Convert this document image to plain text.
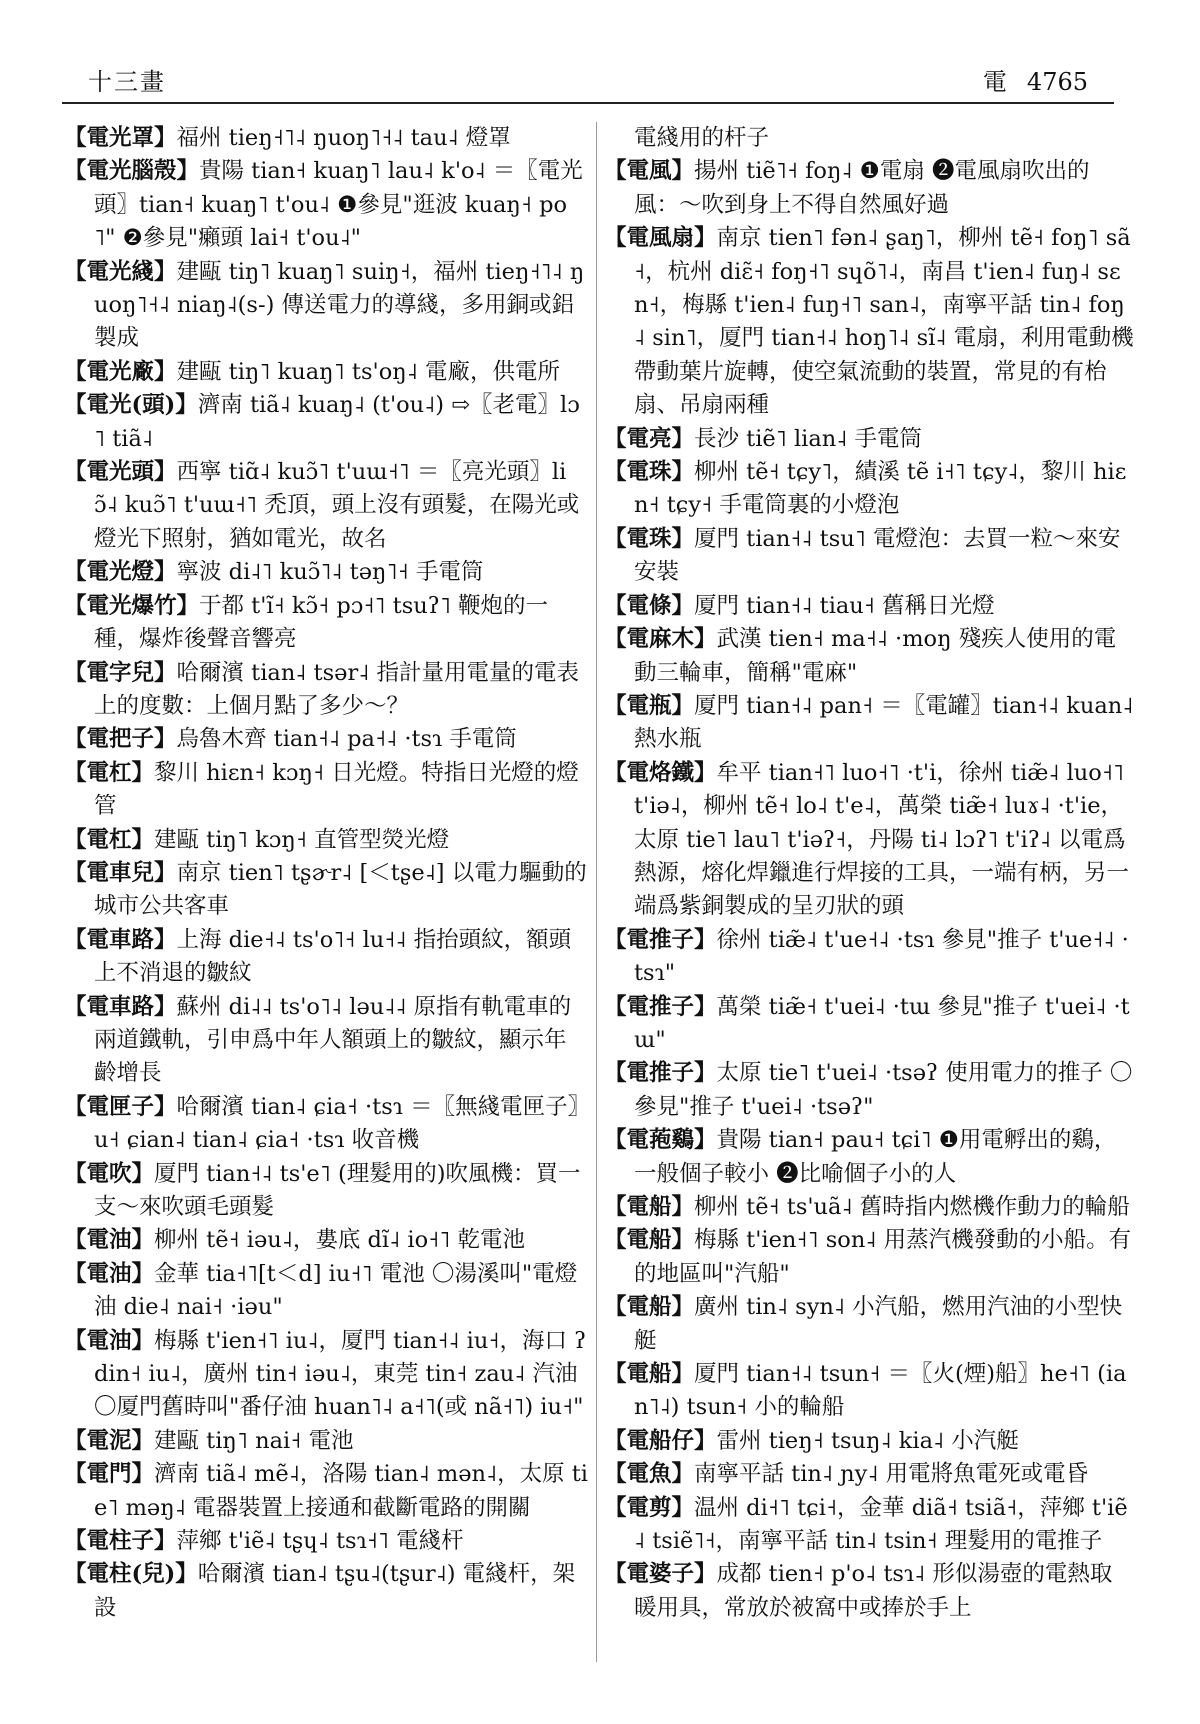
十三畫	電 4765

【電光罩】福州 tieŋ˧˥˨ ŋuoŋ˥˧˨ tau˨ 燈罩

【電光腦殼】貴陽 tian˧ kuaŋ˥ lau˨ k'o˨ ＝〖電光頭〗tian˧ kuaŋ˥ t'ou˨ ❶參見"逛波 kuaŋ˧ po˥" ❷參見"癩頭 lai˧ t'ou˨"

【電光綫】建甌 tiŋ˥ kuaŋ˥ suiŋ˧，福州 tieŋ˧˥˨ ŋuoŋ˥˧˨ niaŋ˨(s-) 傳送電力的導綫，多用銅或鋁製成

【電光廠】建甌 tiŋ˥ kuaŋ˥ ts'oŋ˨ 電廠，供電所

【電光(頭)】濟南 tiã˨ kuaŋ˨ (t'ou˨) ⇨〖老電〗lɔ˥ tiã˨

【電光頭】西寧 tiɑ̃˨ kuɔ̃˥ t'uɯ˧˥ ＝〖亮光頭〗liɔ̃˨ kuɔ̃˥ t'uɯ˧˥ 禿頂，頭上沒有頭髮，在陽光或燈光下照射，猶如電光，故名

【電光燈】寧波 di˨˥ kuɔ̃˥˨ təŋ˥˧ 手電筒

【電光爆竹】于都 t'ĩ˧ kɔ̃˧ pɔ˧˥ tsuʔ˥ 鞭炮的一種，爆炸後聲音響亮

【電字兒】哈爾濱 tian˨ tsər˨ 指計量用電量的電表上的度數：上個月點了多少～？

【電把子】烏魯木齊 tian˧˨ pa˧˨ ·tsɿ 手電筒

【電杠】黎川 hiɛn˧ kɔŋ˧ 日光燈。特指日光燈的燈管

【電杠】建甌 tiŋ˥ kɔŋ˧ 直管型熒光燈

【電車兒】南京 tien˥ tʂɚr˨ [＜tʂe˨] 以電力驅動的城市公共客車

【電車路】上海 die˧˨ ts'o˥˧ lu˧˨ 指抬頭紋，額頭上不消退的皺紋

【電車路】蘇州 di˨˨ ts'o˥˨ ləu˨˨ 原指有軌電車的兩道鐵軌，引申爲中年人額頭上的皺紋，顯示年齡增長

【電匣子】哈爾濱 tian˨ ɕia˧ ·tsɿ ＝〖無綫電匣子〗u˧ ɕian˨ tian˨ ɕia˧ ·tsɿ 收音機

【電吹】厦門 tian˧˨ ts'e˥ (理髮用的)吹風機：買一支～來吹頭毛頭髮

【電油】柳州 tẽ˧ iəu˨，婁底 dĩ˨ io˧˥ 乾電池

【電油】金華 tia˧˥[t＜d] iu˧˥ 電池 〇湯溪叫"電燈油 die˨ nai˧ ·iəu"

【電油】梅縣 t'ien˧˥ iu˨，厦門 tian˧˨ iu˧，海口 ʔdin˧ iu˨，廣州 tin˧ iəu˨，東莞 tin˧ zau˨ 汽油 〇厦門舊時叫"番仔油 huan˥˨ a˧˥(或 nã˧˥) iu˧"

【電泥】建甌 tiŋ˥ nai˧ 電池

【電門】濟南 tiã˨ mẽ˨，洛陽 tian˨ mən˨，太原 tie˥ məŋ˨ 電器裝置上接通和截斷電路的開關

【電柱子】萍鄉 t'iẽ˨ tʂɥ˨ tsɿ˧˥ 電綫杆

【電柱(兒)】哈爾濱 tian˨ tʂu˨(tʂur˨) 電綫杆，架設

電綫用的杆子

【電風】揚州 tiẽ˥˧ foŋ˨ ❶電扇 ❷電風扇吹出的風：～吹到身上不得自然風好過

【電風扇】南京 tien˥ fən˨ ʂaŋ˥，柳州 tẽ˧ foŋ˥ sã˧，杭州 diɛ̃˧ foŋ˧˥ sɥõ˥˨，南昌 t'ien˨ fuŋ˨ sɛn˧，梅縣 t'ien˨ fuŋ˧˥ san˨，南寧平話 tin˨ foŋ˨ sin˥，厦門 tian˧˨ hoŋ˥˨ sĩ˨ 電扇，利用電動機帶動葉片旋轉，使空氣流動的裝置，常見的有枱扇、吊扇兩種

【電亮】長沙 tiẽ˥ lian˨ 手電筒

【電珠】柳州 tẽ˧ tɕy˥，績溪 tẽ i˧˥ tɕy˨，黎川 hiɛn˧ tɕy˧ 手電筒裏的小燈泡

【電珠】厦門 tian˧˨ tsu˥ 電燈泡：去買一粒～來安安裝

【電條】厦門 tian˧˨ tiau˧ 舊稱日光燈

【電麻木】武漢 tien˧ ma˧˨ ·moŋ 殘疾人使用的電動三輪車，簡稱"電麻"

【電瓶】厦門 tian˧˨ pan˧ ＝〖電罐〗tian˧˨ kuan˨ 熱水瓶

【電烙鐵】牟平 tian˧˥ luo˧˥ ·t'i，徐州 tiæ̃˨ luo˧˥ t'iə˨，柳州 tẽ˧ lo˨ t'e˨，萬榮 tiæ̃˧ luɤ˨ ·t'ie，太原 tie˥ lau˥ t'iəʔ˧，丹陽 ti˨ lɔʔ˥ t'iʔ˨ 以電爲熱源，熔化焊鑞進行焊接的工具，一端有柄，另一端爲紫銅製成的呈刃狀的頭

【電推子】徐州 tiæ̃˨ t'ue˧˨ ·tsɿ 參見"推子 t'ue˧˨ ·tsɿ"

【電推子】萬榮 tiæ̃˧ t'uei˨ ·tɯ 參見"推子 t'uei˨ ·tɯ"

【電推子】太原 tie˥ t'uei˨ ·tsəʔ 使用電力的推子 〇參見"推子 t'uei˨ ·tsəʔ"

【電菢鷄】貴陽 tian˧ pau˧ tɕi˥ ❶用電孵出的鷄，一般個子較小 ❷比喻個子小的人

【電船】柳州 tẽ˧ ts'uã˨ 舊時指内燃機作動力的輪船

【電船】梅縣 t'ien˧˥ son˨ 用蒸汽機發動的小船。有的地區叫"汽船"

【電船】廣州 tin˨ syn˨ 小汽船，燃用汽油的小型快艇

【電船】厦門 tian˧˨ tsun˧ ＝〖火(煙)船〗he˧˥ (ian˥˨) tsun˧ 小的輪船

【電船仔】雷州 tieŋ˧ tsuŋ˨ kia˨ 小汽艇

【電魚】南寧平話 tin˨ ɲy˨ 用電將魚電死或電昏

【電剪】温州 di˧˥ tɕi˧，金華 diã˧ tsiã˧，萍鄉 t'iẽ˨ tsiẽ˥˧，南寧平話 tin˨ tsin˧ 理髮用的電推子

【電婆子】成都 tien˧ p'o˨ tsɿ˨ 形似湯壺的電熱取暖用具，常放於被窩中或捧於手上
